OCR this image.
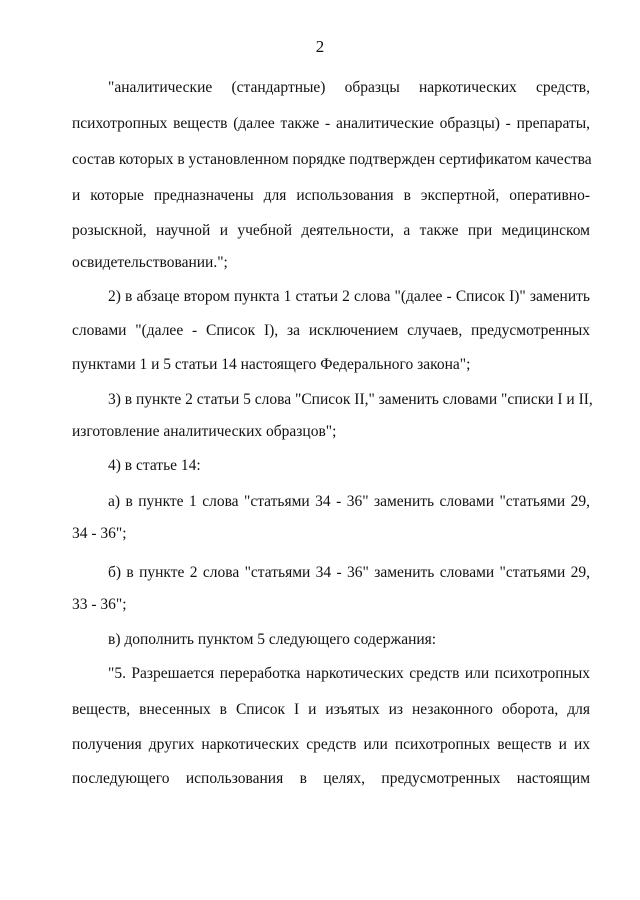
2
"аналитические (стандартные) образцы наркотических средств,
психотропных веществ (далее также - аналитические образцы) - препараты,
состав которых в установленном порядке подтвержден сертификатом качества
и которые предназначены для использования в экспертной, оперативно-
розыскной, научной и учебной деятельности, а также при медицинском
освидетельствовании.";
2) в абзаце втором пункта 1 статьи 2 слова "(далее - Список I)" заменить
словами "(далее - Список I), за исключением случаев, предусмотренных
пунктами 1 и 5 статьи 14 настоящего Федерального закона";
3) в пункте 2 статьи 5 слова "Список II," заменить словами "списки I и II,
изготовление аналитических образцов";
4) в статье 14:
а) в пункте 1 слова "статьями 34 - 36" заменить словами "статьями 29,
34 - 36";
б) в пункте 2 слова "статьями 34 - 36" заменить словами "статьями 29,
33 - 36";
в) дополнить пунктом 5 следующего содержания:
"5. Разрешается переработка наркотических средств или психотропных
веществ, внесенных в Список I и изъятых из незаконного оборота, для
получения других наркотических средств или психотропных веществ и их
последующего использования в целях, предусмотренных настоящим
